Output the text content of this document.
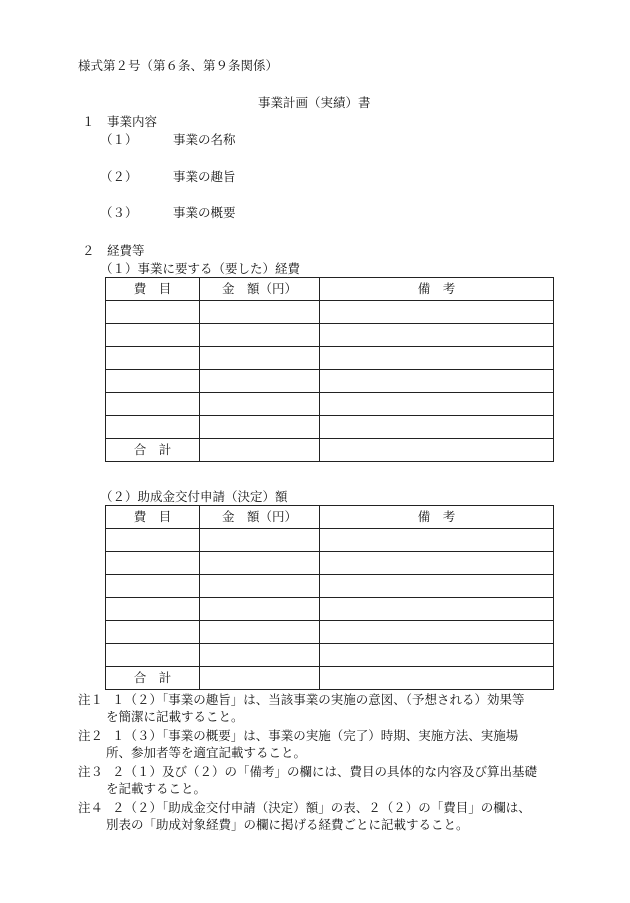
様式第２号（第６条、第９条関係）
事業計画（実績）書
１　事業内容
（１）	事業の名称
（２）	事業の趣旨
（３）	事業の概要
２　経費等
（１）事業に要する（要した）経費
費　目	金　額（円）	備　考

合　計		
（２）助成金交付申請（決定）額
費　目	金　額（円）	備　考

合　計		
注１ １（２）「事業の趣旨」は、当該事業の実施の意図、（予想される）効果等
を簡潔に記載すること。
注２ １（３）「事業の概要」は、事業の実施（完了）時期、実施方法、実施場
所、参加者等を適宜記載すること。
注３ ２（１）及び（２）の「備考」の欄には、費目の具体的な内容及び算出基礎
を記載すること。
注４ ２（２）「助成金交付申請（決定）額」の表、２（２）の「費目」の欄は、
別表の「助成対象経費」の欄に掲げる経費ごとに記載すること。
